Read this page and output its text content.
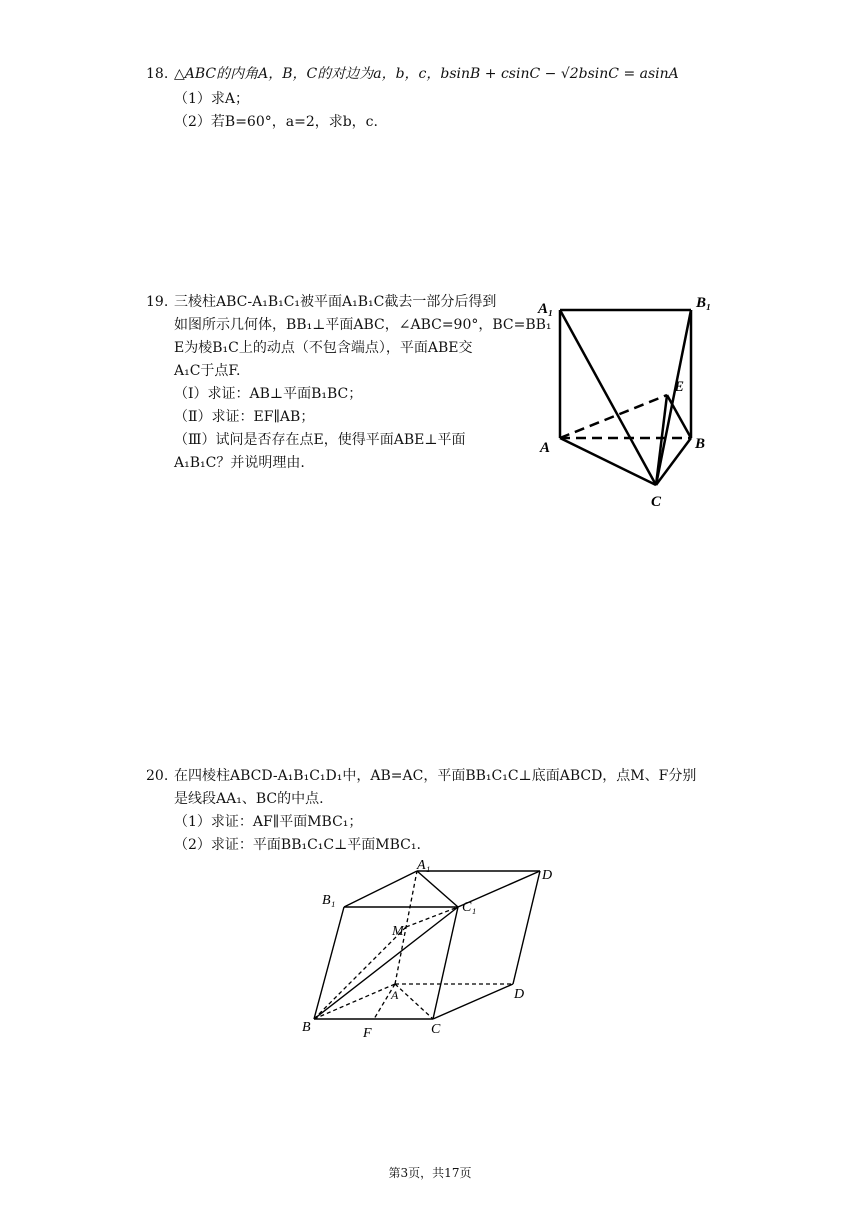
18. △ABC的内角A，B，C的对边为a，b，c，bsinB + csinC − √2bsinC = asinA
（1）求A；
（2）若B=60°，a=2，求b，c.
19. 三棱柱ABC-A₁B₁C₁被平面A₁B₁C截去一部分后得到
如图所示几何体，BB₁⊥平面ABC，∠ABC=90°，BC=BB₁
E为棱B₁C上的动点（不包含端点），平面ABE交
A₁C于点F.
（Ⅰ）求证：AB⊥平面B₁BC；
（Ⅱ）求证：EF∥AB；
（Ⅲ）试问是否存在点E，使得平面ABE⊥平面
A₁B₁C？并说明理由.
A₁	B₁
E
A	B
C
20. 在四棱柱ABCD-A₁B₁C₁D₁中，AB=AC，平面BB₁C₁C⊥底面ABCD，点M、F分别
是线段AA₁、BC的中点.
（1）求证：AF∥平面MBC₁；
（2）求证：平面BB₁C₁C⊥平面MBC₁.
A₁
D
B₁	C₁
M
A	D
B	F	C
第3页，共17页
